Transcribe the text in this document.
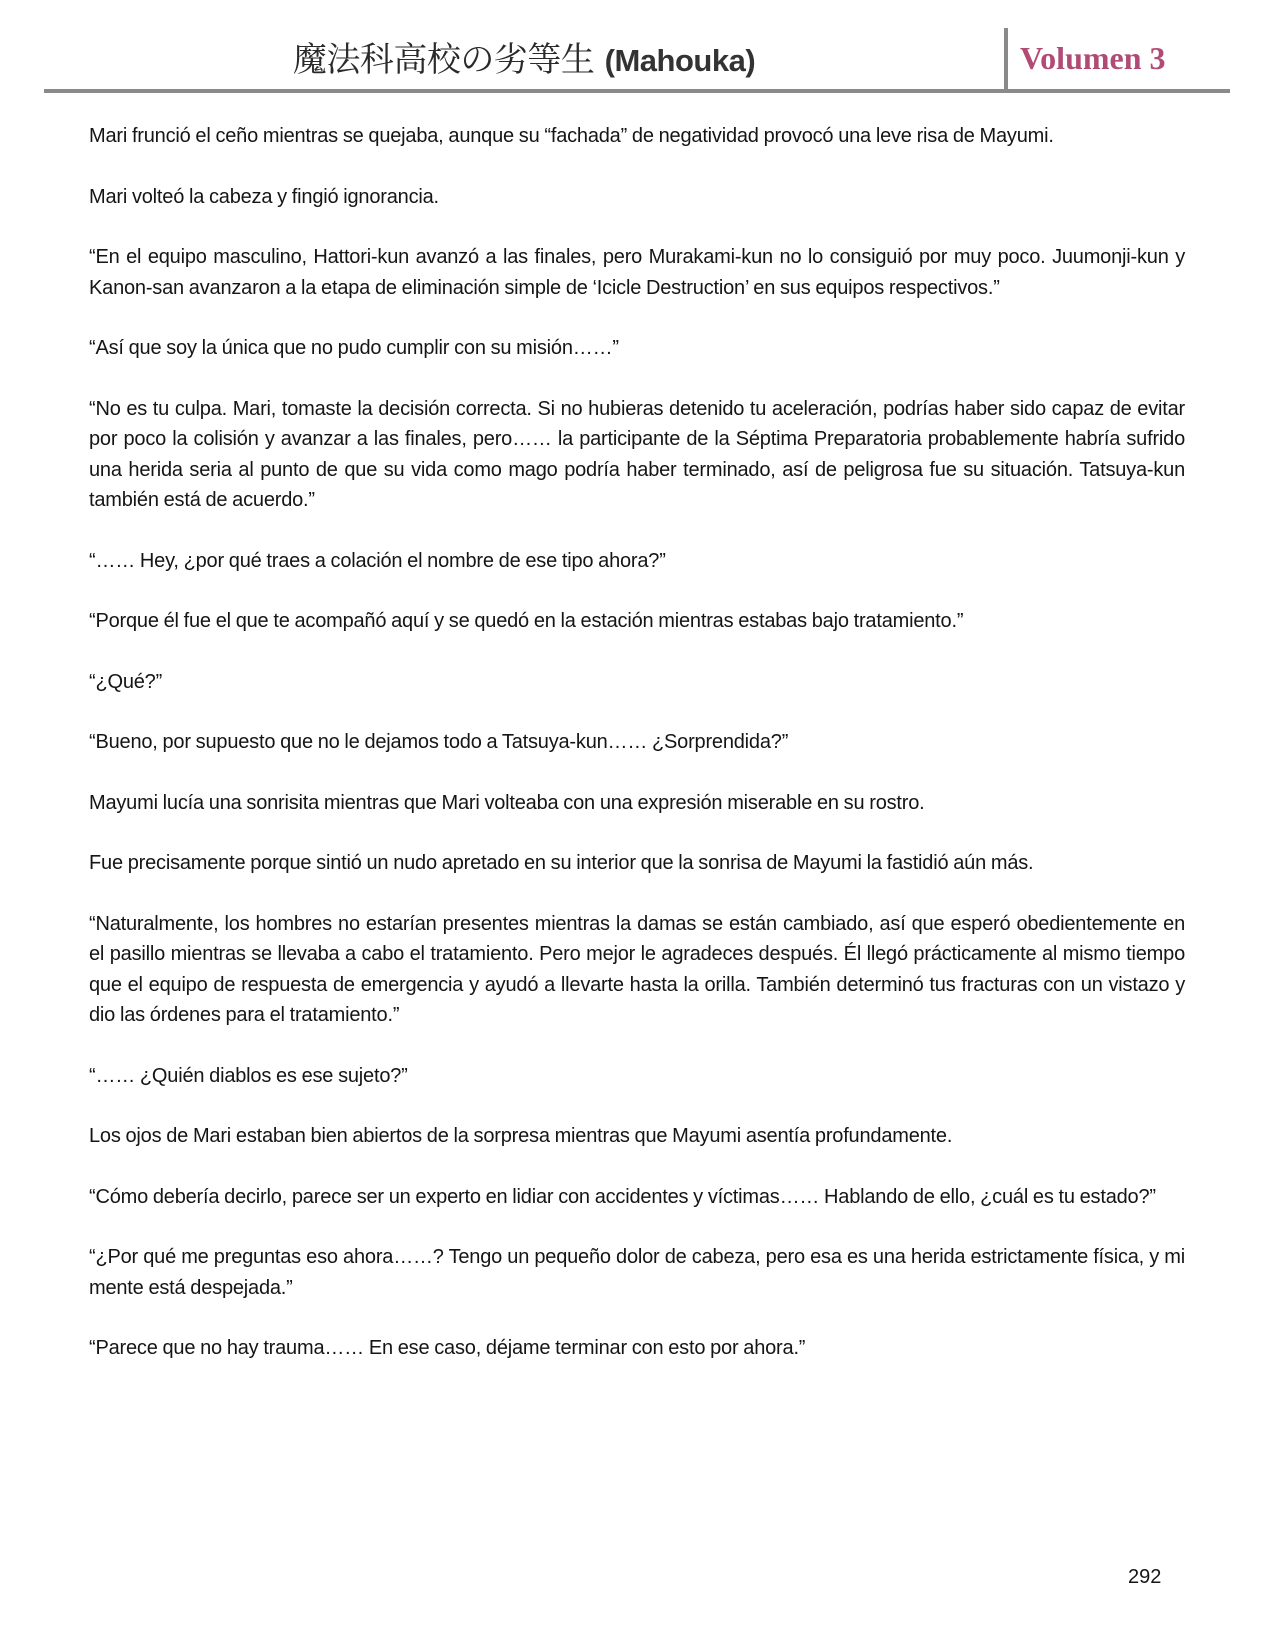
魔法科高校の劣等生 (Mahouka)	Volumen 3

Mari frunció el ceño mientras se quejaba, aunque su “fachada” de negatividad provocó una leve risa de Mayumi.

Mari volteó la cabeza y fingió ignorancia.

“En el equipo masculino, Hattori-kun avanzó a las finales, pero Murakami-kun no lo consiguió por muy poco. Juumonji-kun y Kanon-san avanzaron a la etapa de eliminación simple de ‘Icicle Destruction’ en sus equipos respectivos.”

“Así que soy la única que no pudo cumplir con su misión……”

“No es tu culpa. Mari, tomaste la decisión correcta. Si no hubieras detenido tu aceleración, podrías haber sido capaz de evitar por poco la colisión y avanzar a las finales, pero…… la participante de la Séptima Preparatoria probablemente habría sufrido una herida seria al punto de que su vida como mago podría haber terminado, así de peligrosa fue su situación. Tatsuya-kun también está de acuerdo.”

“…… Hey, ¿por qué traes a colación el nombre de ese tipo ahora?”

“Porque él fue el que te acompañó aquí y se quedó en la estación mientras estabas bajo tratamiento.”

“¿Qué?”

“Bueno, por supuesto que no le dejamos todo a Tatsuya-kun…… ¿Sorprendida?”

Mayumi lucía una sonrisita mientras que Mari volteaba con una expresión miserable en su rostro.

Fue precisamente porque sintió un nudo apretado en su interior que la sonrisa de Mayumi la fastidió aún más.

“Naturalmente, los hombres no estarían presentes mientras la damas se están cambiado, así que esperó obedientemente en el pasillo mientras se llevaba a cabo el tratamiento. Pero mejor le agradeces después. Él llegó prácticamente al mismo tiempo que el equipo de respuesta de emergencia y ayudó a llevarte hasta la orilla. También determinó tus fracturas con un vistazo y dio las órdenes para el tratamiento.”

“…… ¿Quién diablos es ese sujeto?”

Los ojos de Mari estaban bien abiertos de la sorpresa mientras que Mayumi asentía profundamente.

“Cómo debería decirlo, parece ser un experto en lidiar con accidentes y víctimas…… Hablando de ello, ¿cuál es tu estado?”

“¿Por qué me preguntas eso ahora……? Tengo un pequeño dolor de cabeza, pero esa es una herida estrictamente física, y mi mente está despejada.”

“Parece que no hay trauma…… En ese caso, déjame terminar con esto por ahora.”

292
